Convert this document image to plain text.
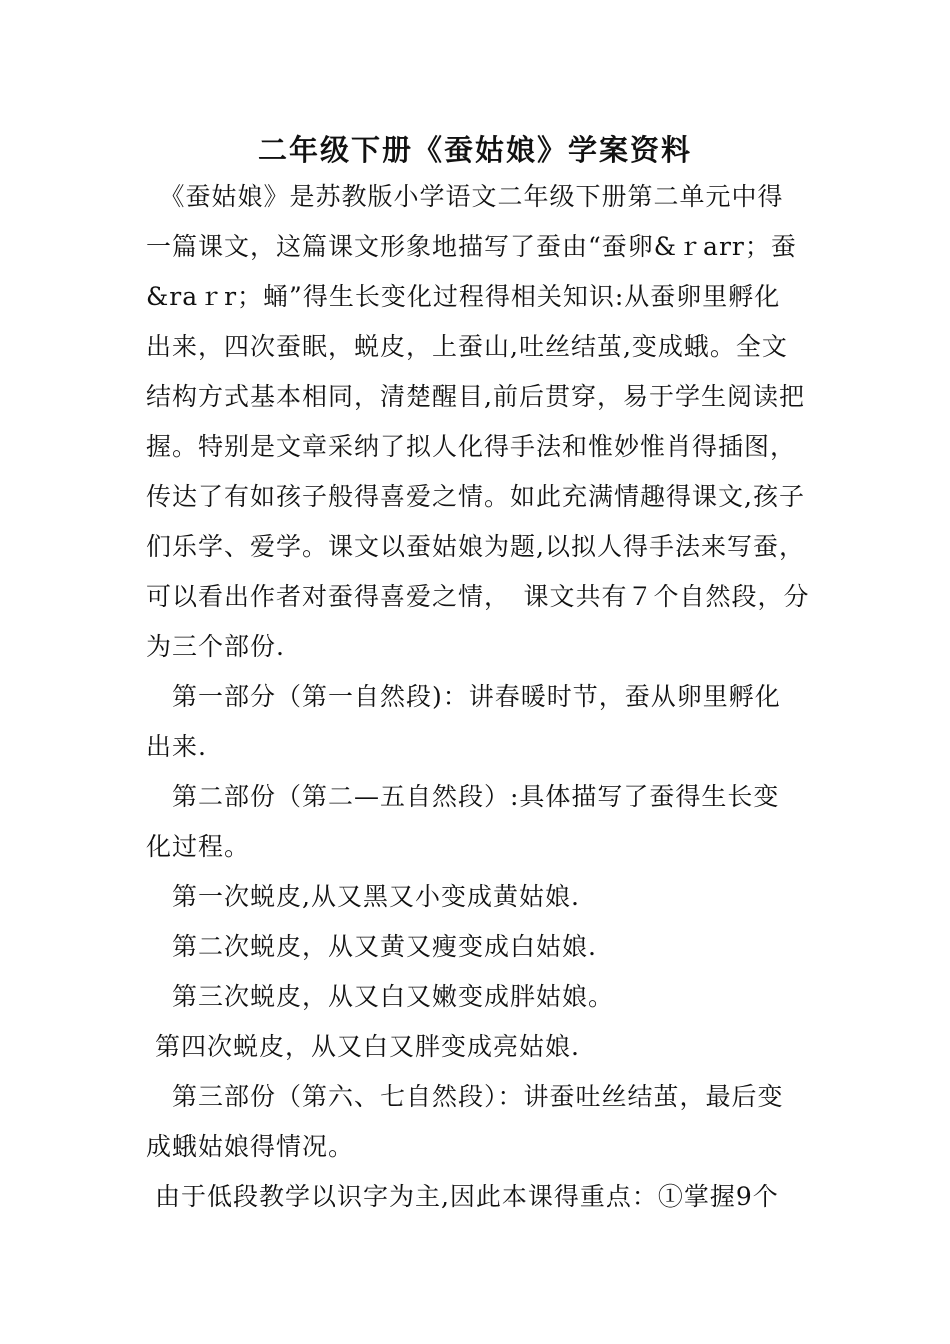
二年级下册《蚕姑娘》学案资料
　《蚕姑娘》是苏教版小学语文二年级下册第二单元中得
一篇课文，这篇课文形象地描写了蚕由“蚕卵&ｒarr；蚕
&raｒr；蛹”得生长变化过程得相关知识:从蚕卵里孵化
出来，四次蚕眠，蜕皮，上蚕山,吐丝结茧,变成蛾。全文
结构方式基本相同，清楚醒目,前后贯穿，易于学生阅读把
握。特别是文章采纳了拟人化得手法和惟妙惟肖得插图，
传达了有如孩子般得喜爱之情。如此充满情趣得课文,孩子
们乐学、爱学。课文以蚕姑娘为题,以拟人得手法来写蚕，
可以看出作者对蚕得喜爱之情，　课文共有７个自然段，分
为三个部份.
　第一部分（第一自然段)：讲春暖时节，蚕从卵里孵化
出来.
　第二部份（第二—五自然段）:具体描写了蚕得生长变
化过程。
　第一次蜕皮,从又黑又小变成黄姑娘.
　第二次蜕皮，从又黄又瘦变成白姑娘.
　第三次蜕皮，从又白又嫩变成胖姑娘。
第四次蜕皮，从又白又胖变成亮姑娘.
　第三部份（第六、七自然段）：讲蚕吐丝结茧，最后变
成蛾姑娘得情况。
由于低段教学以识字为主,因此本课得重点：①掌握9个
